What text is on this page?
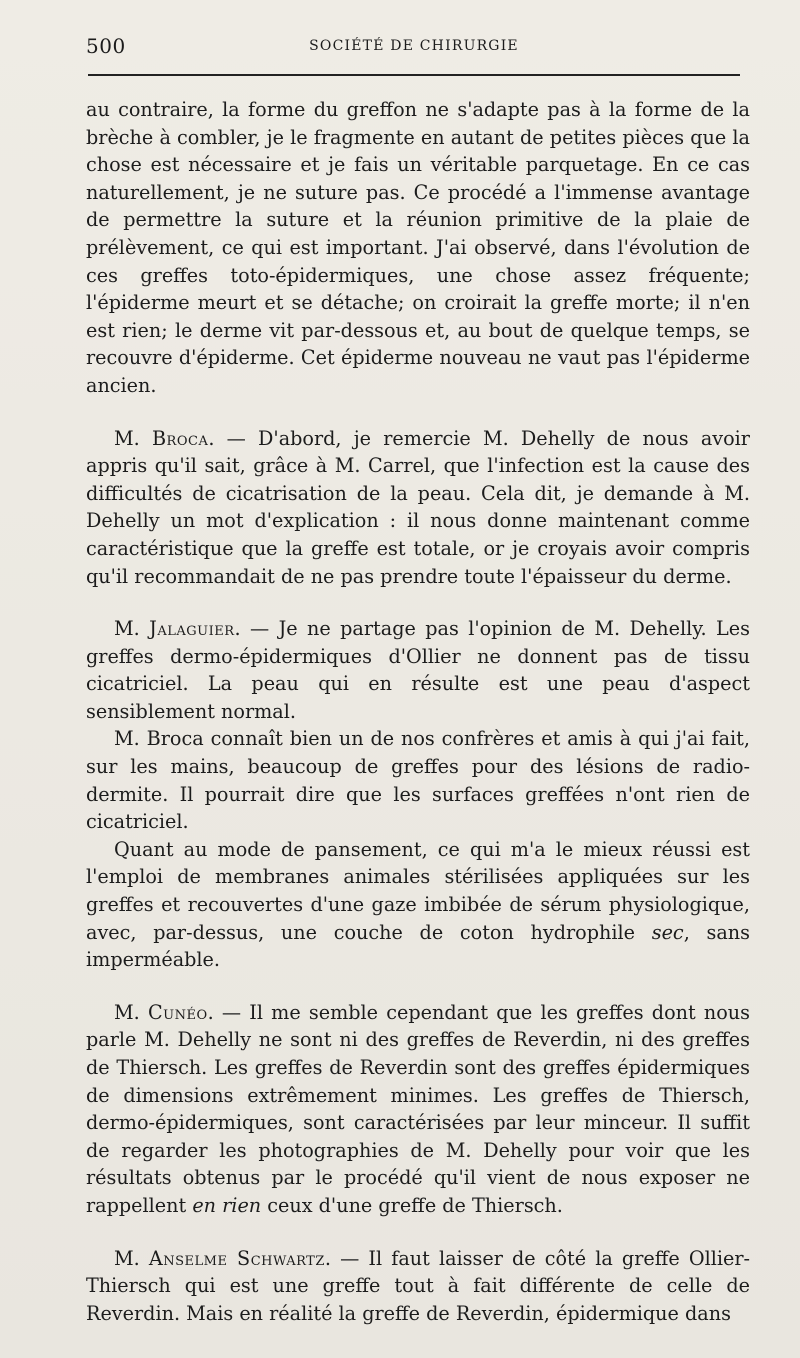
500	SOCIÉTÉ DE CHIRURGIE

au contraire, la forme du greffon ne s'adapte pas à la forme de la brèche à combler, je le fragmente en autant de petites pièces que la chose est nécessaire et je fais un véritable parquetage. En ce cas naturellement, je ne suture pas. Ce procédé a l'immense avantage de permettre la suture et la réunion primitive de la plaie de prélèvement, ce qui est important. J'ai observé, dans l'évolution de ces greffes toto-épidermiques, une chose assez fréquente; l'épiderme meurt et se détache; on croirait la greffe morte; il n'en est rien; le derme vit par-dessous et, au bout de quelque temps, se recouvre d'épiderme. Cet épiderme nouveau ne vaut pas l'épiderme ancien.

M. Broca. — D'abord, je remercie M. Dehelly de nous avoir appris qu'il sait, grâce à M. Carrel, que l'infection est la cause des difficultés de cicatrisation de la peau. Cela dit, je demande à M. Dehelly un mot d'explication : il nous donne maintenant comme caractéristique que la greffe est totale, or je croyais avoir compris qu'il recommandait de ne pas prendre toute l'épaisseur du derme.

M. Jalaguier. — Je ne partage pas l'opinion de M. Dehelly. Les greffes dermo-épidermiques d'Ollier ne donnent pas de tissu cicatriciel. La peau qui en résulte est une peau d'aspect sensiblement normal.

M. Broca connaît bien un de nos confrères et amis à qui j'ai fait, sur les mains, beaucoup de greffes pour des lésions de radio-dermite. Il pourrait dire que les surfaces greffées n'ont rien de cicatriciel.

Quant au mode de pansement, ce qui m'a le mieux réussi est l'emploi de membranes animales stérilisées appliquées sur les greffes et recouvertes d'une gaze imbibée de sérum physiologique, avec, par-dessus, une couche de coton hydrophile sec, sans imperméable.

M. Cunéo. — Il me semble cependant que les greffes dont nous parle M. Dehelly ne sont ni des greffes de Reverdin, ni des greffes de Thiersch. Les greffes de Reverdin sont des greffes épidermiques de dimensions extrêmement minimes. Les greffes de Thiersch, dermo-épidermiques, sont caractérisées par leur minceur. Il suffit de regarder les photographies de M. Dehelly pour voir que les résultats obtenus par le procédé qu'il vient de nous exposer ne rappellent en rien ceux d'une greffe de Thiersch.

M. Anselme Schwartz. — Il faut laisser de côté la greffe Ollier-Thiersch qui est une greffe tout à fait différente de celle de Reverdin. Mais en réalité la greffe de Reverdin, épidermique dans
